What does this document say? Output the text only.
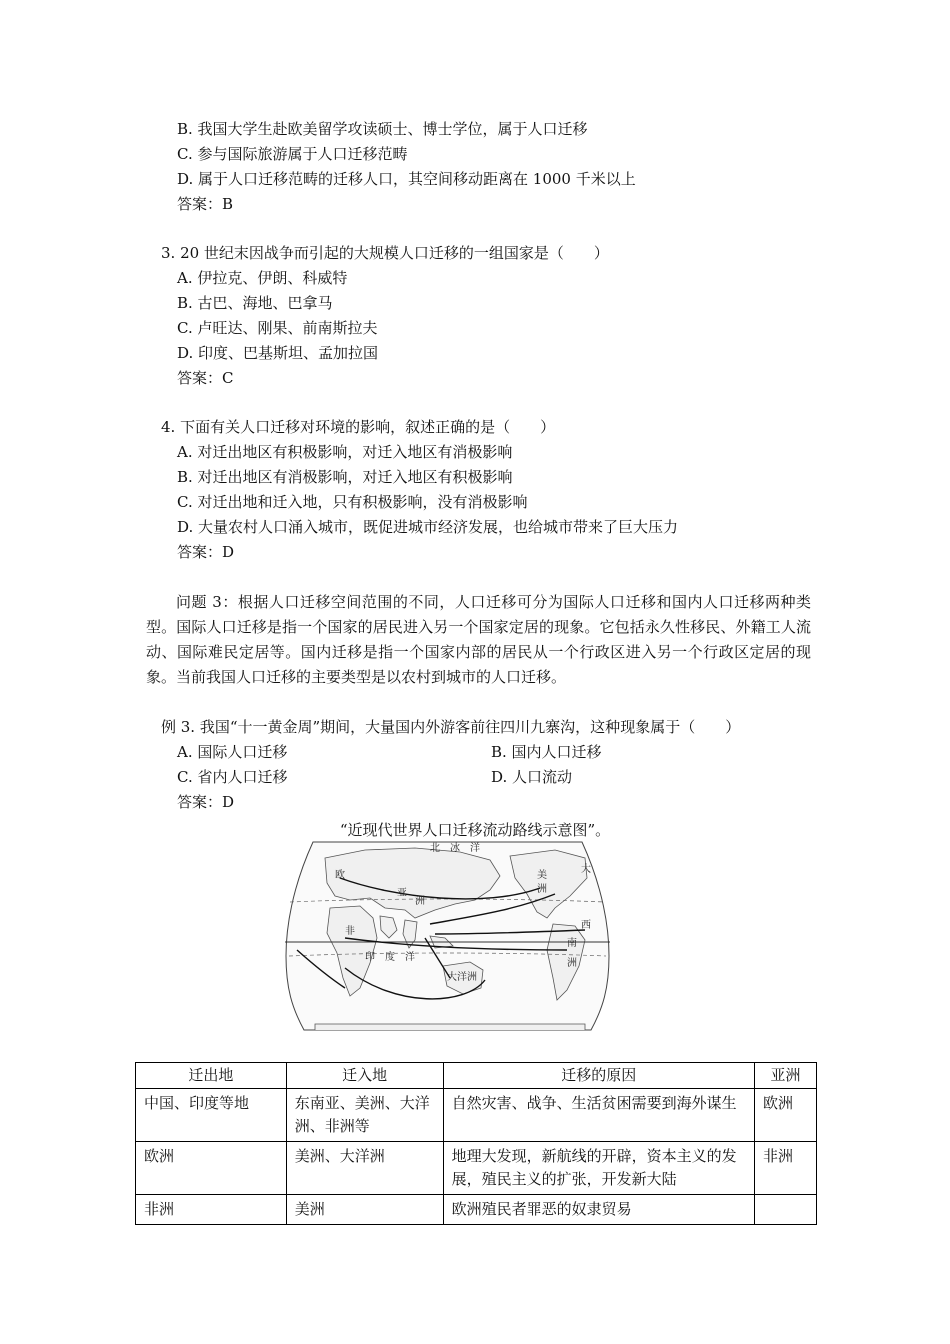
B. 我国大学生赴欧美留学攻读硕士、博士学位，属于人口迁移
C. 参与国际旅游属于人口迁移范畴
D. 属于人口迁移范畴的迁移人口，其空间移动距离在 1000 千米以上
答案：B
3. 20 世纪末因战争而引起的大规模人口迁移的一组国家是（　　）
A. 伊拉克、伊朗、科威特
B. 古巴、海地、巴拿马
C. 卢旺达、刚果、前南斯拉夫
D. 印度、巴基斯坦、孟加拉国
答案：C
4. 下面有关人口迁移对环境的影响，叙述正确的是（　　）
A. 对迁出地区有积极影响，对迁入地区有消极影响
B. 对迁出地区有消极影响，对迁入地区有积极影响
C. 对迁出地和迁入地，只有积极影响，没有消极影响
D. 大量农村人口涌入城市，既促进城市经济发展，也给城市带来了巨大压力
答案：D

问题 3：根据人口迁移空间范围的不同，人口迁移可分为国际人口迁移和国内人口迁移两种类型。国际人口迁移是指一个国家的居民进入另一个国家定居的现象。它包括永久性移民、外籍工人流动、国际难民定居等。国内迁移是指一个国家内部的居民从一个行政区进入另一个行政区定居的现象。当前我国人口迁移的主要类型是以农村到城市的人口迁移。

例 3. 我国“十一黄金周”期间，大量国内外游客前往四川九寨沟，这种现象属于（　　）
A. 国际人口迁移	B. 国内人口迁移
C. 省内人口迁移	D. 人口流动
答案：D
“近现代世界人口迁移流动路线示意图”。
北　冰　洋
欧
亚
洲
美
洲
大
西
南
洲
印　度　洋
非
大洋洲
迁出地	迁入地	迁移的原因	亚洲
中国、印度等地	东南亚、美洲、大洋洲、非洲等	自然灾害、战争、生活贫困需要到海外谋生	欧洲
欧洲	美洲、大洋洲	地理大发现，新航线的开辟，资本主义的发展，殖民主义的扩张，开发新大陆	非洲
非洲	美洲	欧洲殖民者罪恶的奴隶贸易	
